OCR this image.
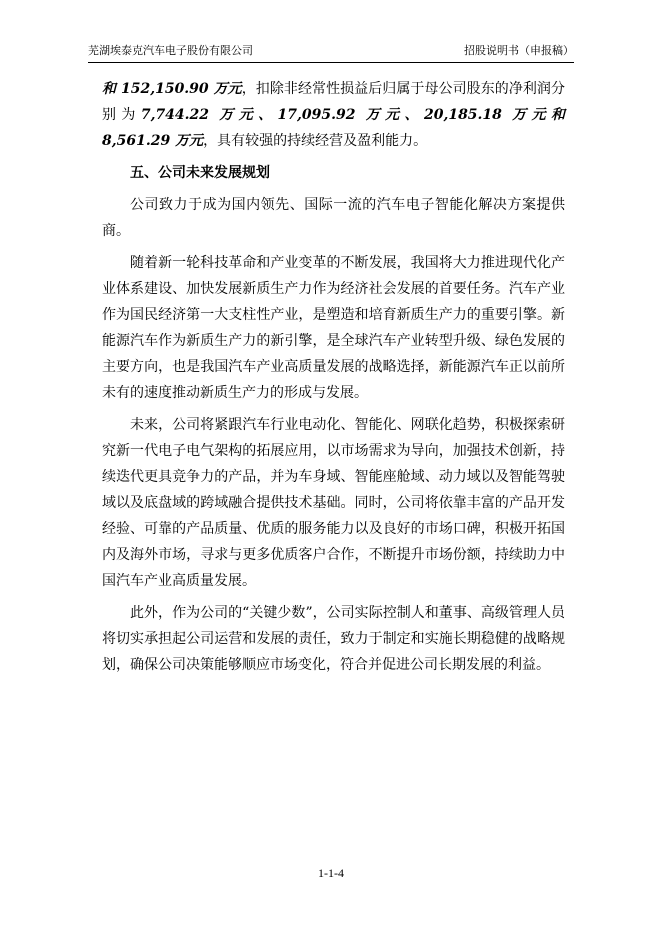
芜湖埃泰克汽车电子股份有限公司	招股说明书（申报稿）

和 152,150.90 万元，扣除非经常性损益后归属于母公司股东的净利润分别为7,744.22 万元、17,095.92 万元、20,185.18 万元和 8,561.29 万元，具有较强的持续经营及盈利能力。

五、公司未来发展规划

公司致力于成为国内领先、国际一流的汽车电子智能化解决方案提供商。

随着新一轮科技革命和产业变革的不断发展，我国将大力推进现代化产业体系建设、加快发展新质生产力作为经济社会发展的首要任务。汽车产业作为国民经济第一大支柱性产业，是塑造和培育新质生产力的重要引擎。新能源汽车作为新质生产力的新引擎，是全球汽车产业转型升级、绿色发展的主要方向，也是我国汽车产业高质量发展的战略选择，新能源汽车正以前所未有的速度推动新质生产力的形成与发展。

未来，公司将紧跟汽车行业电动化、智能化、网联化趋势，积极探索研究新一代电子电气架构的拓展应用，以市场需求为导向，加强技术创新，持续迭代更具竞争力的产品，并为车身域、智能座舱域、动力域以及智能驾驶域以及底盘域的跨域融合提供技术基础。同时，公司将依靠丰富的产品开发经验、可靠的产品质量、优质的服务能力以及良好的市场口碑，积极开拓国内及海外市场，寻求与更多优质客户合作，不断提升市场份额，持续助力中国汽车产业高质量发展。

此外，作为公司的“关键少数”，公司实际控制人和董事、高级管理人员将切实承担起公司运营和发展的责任，致力于制定和实施长期稳健的战略规划，确保公司决策能够顺应市场变化，符合并促进公司长期发展的利益。

1-1-4
